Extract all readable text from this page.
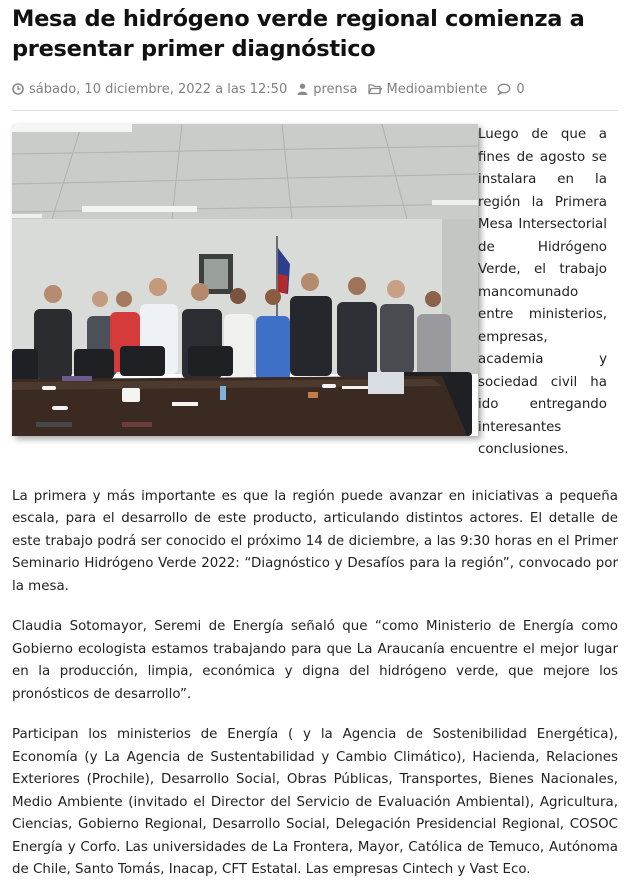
Mesa de hidrógeno verde regional comienza a presentar primer diagnóstico
sábado, 10 diciembre, 2022 a las 12:50 prensa Medioambiente 0

Luego de que a fines de agosto se instalara en la región la Primera Mesa Intersectorial de Hidrógeno Verde, el trabajo mancomunado entre ministerios, empresas, academia y sociedad civil ha ido entregando interesantes conclusiones.

La primera y más importante es que la región puede avanzar en iniciativas a pequeña escala, para el desarrollo de este producto, articulando distintos actores. El detalle de este trabajo podrá ser conocido el próximo 14 de diciembre, a las 9:30 horas en el Primer Seminario Hidrógeno Verde 2022: “Diagnóstico y Desafíos para la región”, convocado por la mesa.

Claudia Sotomayor, Seremi de Energía señaló que “como Ministerio de Energía como Gobierno ecologista estamos trabajando para que La Araucanía encuentre el mejor lugar en la producción, limpia, económica y digna del hidrógeno verde, que mejore los pronósticos de desarrollo”.

Participan los ministerios de Energía ( y la Agencia de Sostenibilidad Energética), Economía (y La Agencia de Sustentabilidad y Cambio Climático), Hacienda, Relaciones Exteriores (Prochile), Desarrollo Social, Obras Públicas, Transportes, Bienes Nacionales, Medio Ambiente (invitado el Director del Servicio de Evaluación Ambiental), Agricultura, Ciencias, Gobierno Regional, Desarrollo Social, Delegación Presidencial Regional, COSOC Energía y Corfo. Las universidades de La Frontera, Mayor, Católica de Temuco, Autónoma de Chile, Santo Tomás, Inacap, CFT Estatal. Las empresas Cintech y Vast Eco.
